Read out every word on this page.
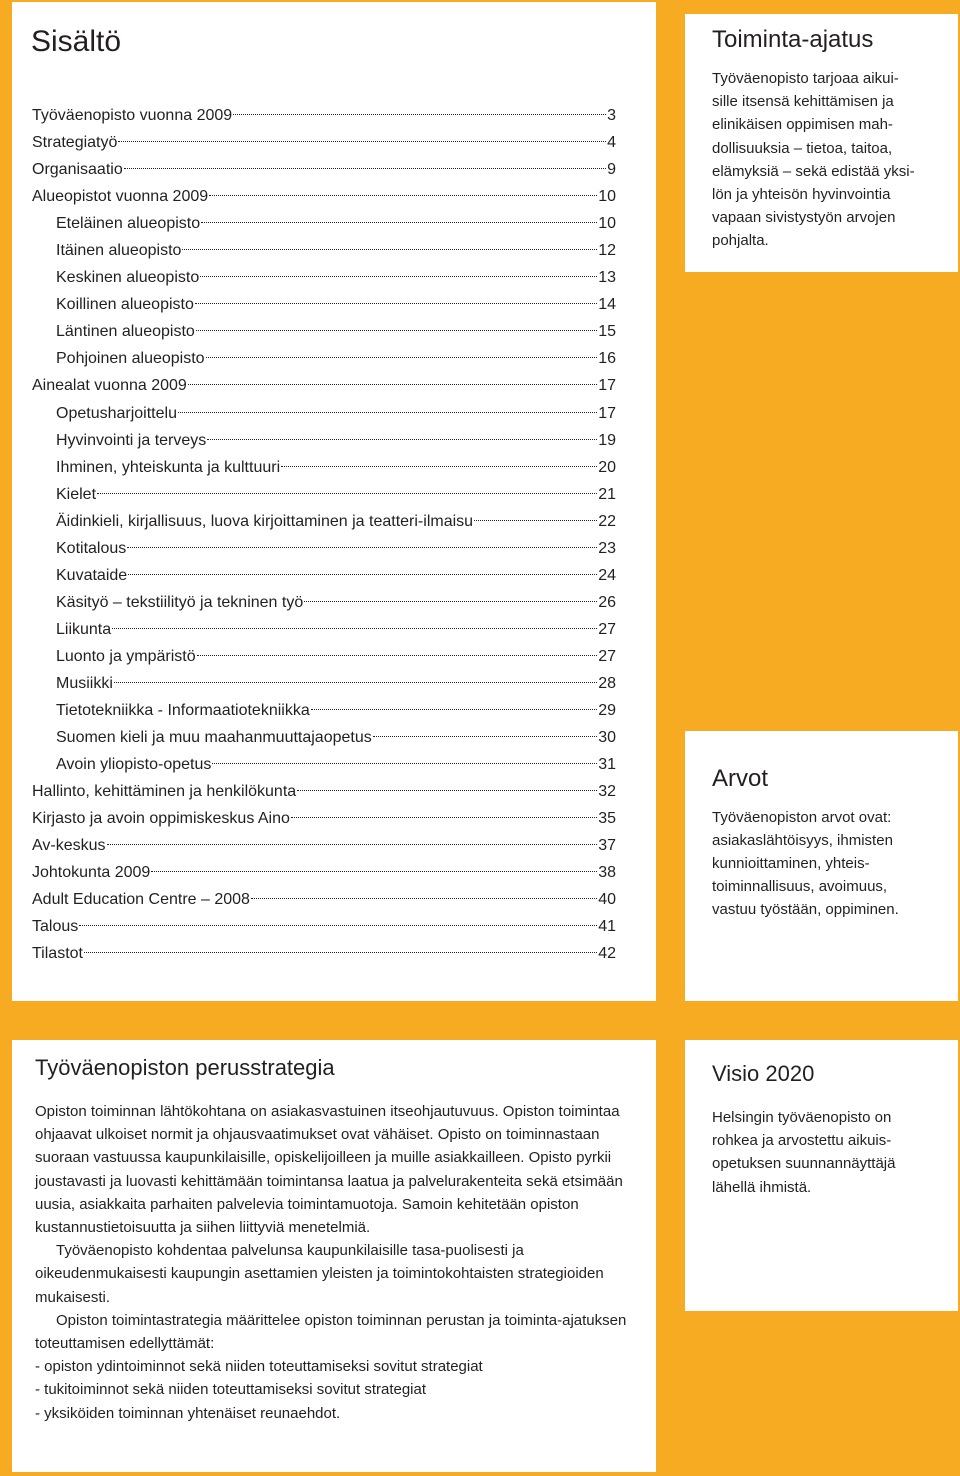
Sisältö
Työväenopisto vuonna 2009	3
Strategiatyö	4
Organisaatio	9
Alueopistot vuonna 2009	10
Eteläinen alueopisto	10
Itäinen alueopisto	12
Keskinen alueopisto	13
Koillinen alueopisto	14
Läntinen alueopisto	15
Pohjoinen alueopisto	16
Ainealat vuonna 2009	17
Opetusharjoittelu	17
Hyvinvointi ja terveys	19
Ihminen, yhteiskunta ja kulttuuri	20
Kielet	21
Äidinkieli, kirjallisuus, luova kirjoittaminen ja teatteri-ilmaisu	22
Kotitalous	23
Kuvataide	24
Käsityö – tekstiilityö ja tekninen työ	26
Liikunta	27
Luonto ja ympäristö	27
Musiikki	28
Tietotekniikka - Informaatiotekniikka	29
Suomen kieli ja muu maahanmuuttajaopetus	30
Avoin yliopisto-opetus	31
Hallinto, kehittäminen ja henkilökunta	32
Kirjasto ja avoin oppimiskeskus Aino	35
Av-keskus	37
Johtokunta 2009	38
Adult Education Centre – 2008	40
Talous	41
Tilastot	42
Toiminta-ajatus

Työväenopisto tarjoaa aikui-
sille itsensä kehittämisen ja
elinikäisen oppimisen mah-
dollisuuksia – tietoa, taitoa,
elämyksiä – sekä edistää yksi-
lön ja yhteisön hyvinvointia
vapaan sivistystyön arvojen
pohjalta.

Arvot

Työväenopiston arvot ovat:
asiakaslähtöisyys, ihmisten
kunnioittaminen, yhteis-
toiminnallisuus, avoimuus,
vastuu työstään, oppiminen.

Työväenopiston perusstrategia

Opiston toiminnan lähtökohtana on asiakasvastuinen itseohjautuvuus. Opiston toimintaa ohjaavat ulkoiset normit ja ohjausvaatimukset ovat vähäiset. Opisto on toiminnastaan suoraan vastuussa kaupunkilaisille, opiskelijoilleen ja muille asiakkailleen. Opisto pyrkii joustavasti ja luovasti kehittämään toimintansa laatua ja palvelurakenteita sekä etsimään uusia, asiakkaita parhaiten palvelevia toimintamuotoja. Samoin kehitetään opiston kustannustietoisuutta ja siihen liittyviä menetelmiä.

Työväenopisto kohdentaa palvelunsa kaupunkilaisille tasa-puolisesti ja oikeudenmukaisesti kaupungin asettamien yleisten ja toimintokohtaisten strategioiden mukaisesti.

Opiston toimintastrategia määrittelee opiston toiminnan perustan ja toiminta-ajatuksen toteuttamisen edellyttämät:

- opiston ydintoiminnot sekä niiden toteuttamiseksi sovitut strategiat

- tukitoiminnot sekä niiden toteuttamiseksi sovitut strategiat

- yksiköiden toiminnan yhtenäiset reunaehdot.

Visio 2020

Helsingin työväenopisto on
rohkea ja arvostettu aikuis-
opetuksen suunnannäyttäjä
lähellä ihmistä.
